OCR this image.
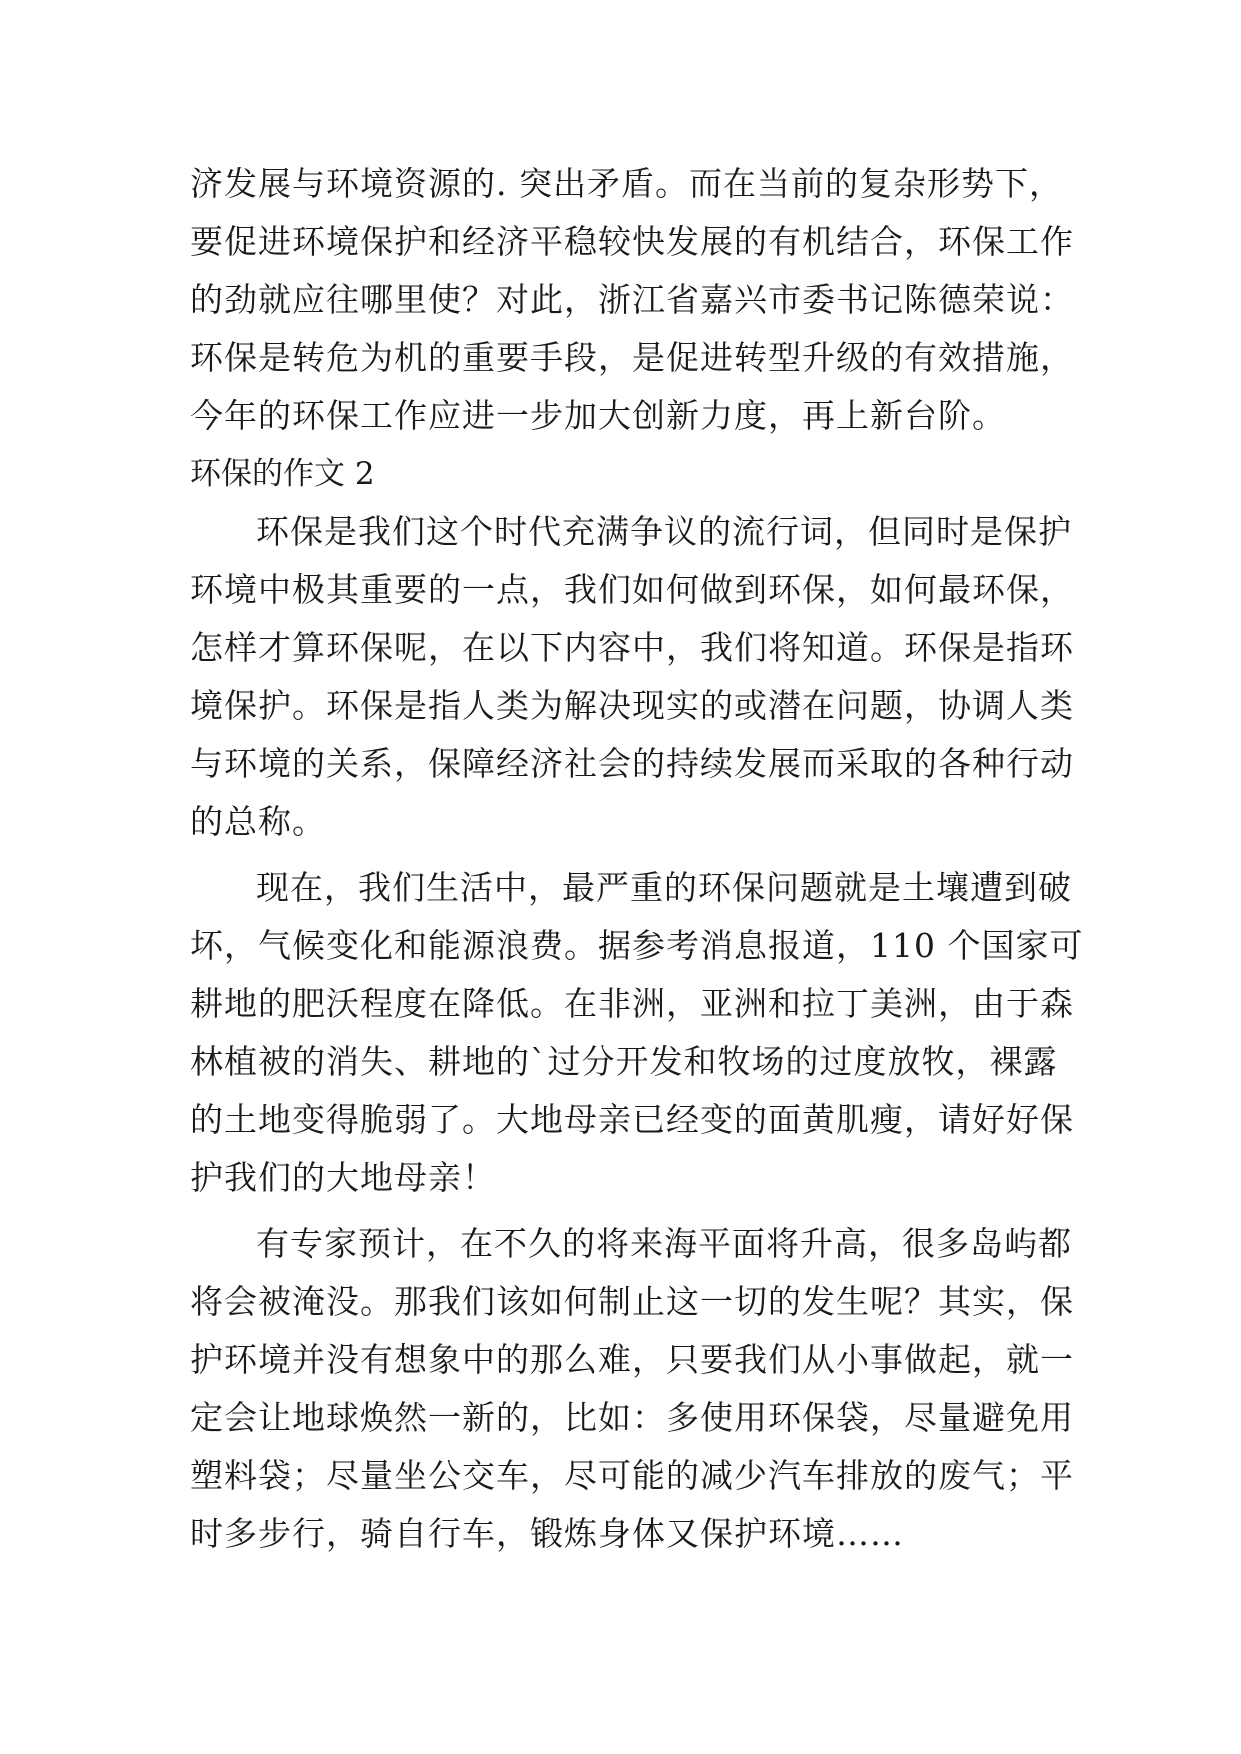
济发展与环境资源的. 突出矛盾。而在当前的复杂形势下，
要促进环境保护和经济平稳较快发展的有机结合，环保工作
的劲就应往哪里使？对此，浙江省嘉兴市委书记陈德荣说：
环保是转危为机的重要手段，是促进转型升级的有效措施，
今年的环保工作应进一步加大创新力度，再上新台阶。
环保的作文 2
环保是我们这个时代充满争议的流行词，但同时是保护
环境中极其重要的一点，我们如何做到环保，如何最环保，
怎样才算环保呢，在以下内容中，我们将知道。环保是指环
境保护。环保是指人类为解决现实的或潜在问题，协调人类
与环境的关系，保障经济社会的持续发展而采取的各种行动
的总称。
现在，我们生活中，最严重的环保问题就是土壤遭到破
坏，气候变化和能源浪费。据参考消息报道，110 个国家可
耕地的肥沃程度在降低。在非洲，亚洲和拉丁美洲，由于森
林植被的消失、耕地的`过分开发和牧场的过度放牧，裸露
的土地变得脆弱了。大地母亲已经变的面黄肌瘦，请好好保
护我们的大地母亲！
有专家预计，在不久的将来海平面将升高，很多岛屿都
将会被淹没。那我们该如何制止这一切的发生呢？其实，保
护环境并没有想象中的那么难，只要我们从小事做起，就一
定会让地球焕然一新的，比如：多使用环保袋，尽量避免用
塑料袋；尽量坐公交车，尽可能的减少汽车排放的废气；平
时多步行，骑自行车，锻炼身体又保护环境……
